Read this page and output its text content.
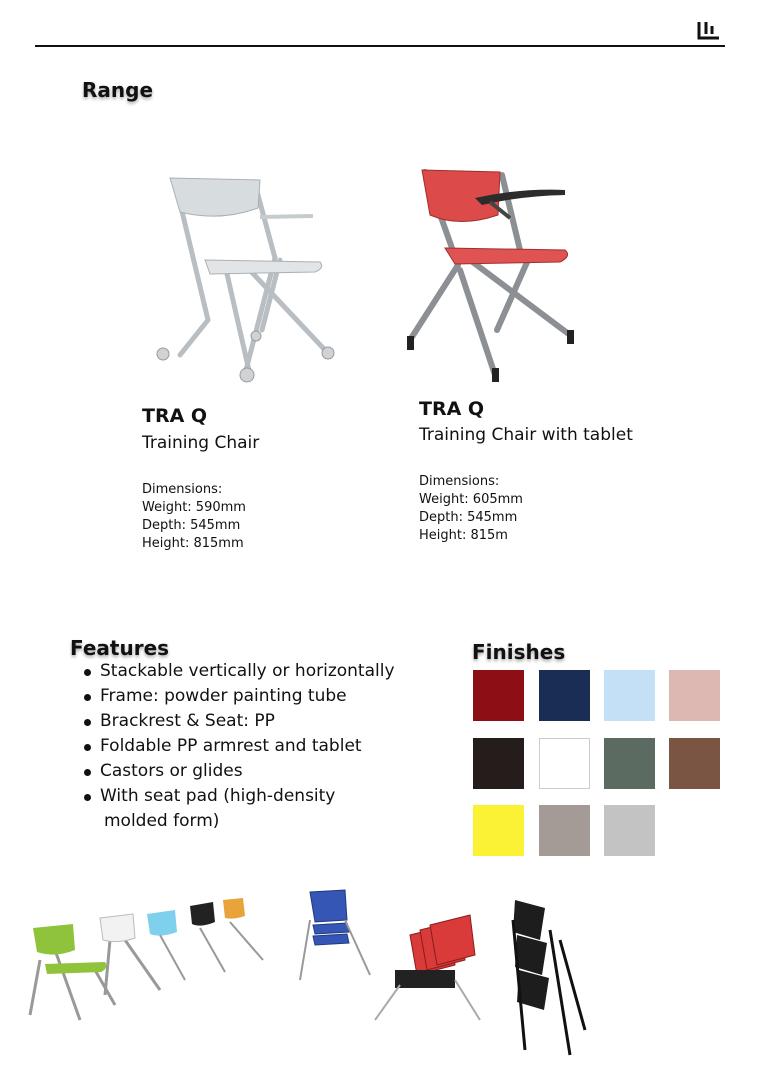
Range
TRA Q
Training Chair
Dimensions:
Weight: 590mm
Depth: 545mm
Height: 815mm
TRA Q
Training Chair with tablet
Dimensions:
Weight: 605mm
Depth: 545mm
Height: 815m
Features
Stackable vertically or horizontally
Frame: powder painting tube
Brackrest & Seat: PP
Foldable PP armrest and tablet
Castors or glides
With seat pad (high-density
molded form)
Finishes
